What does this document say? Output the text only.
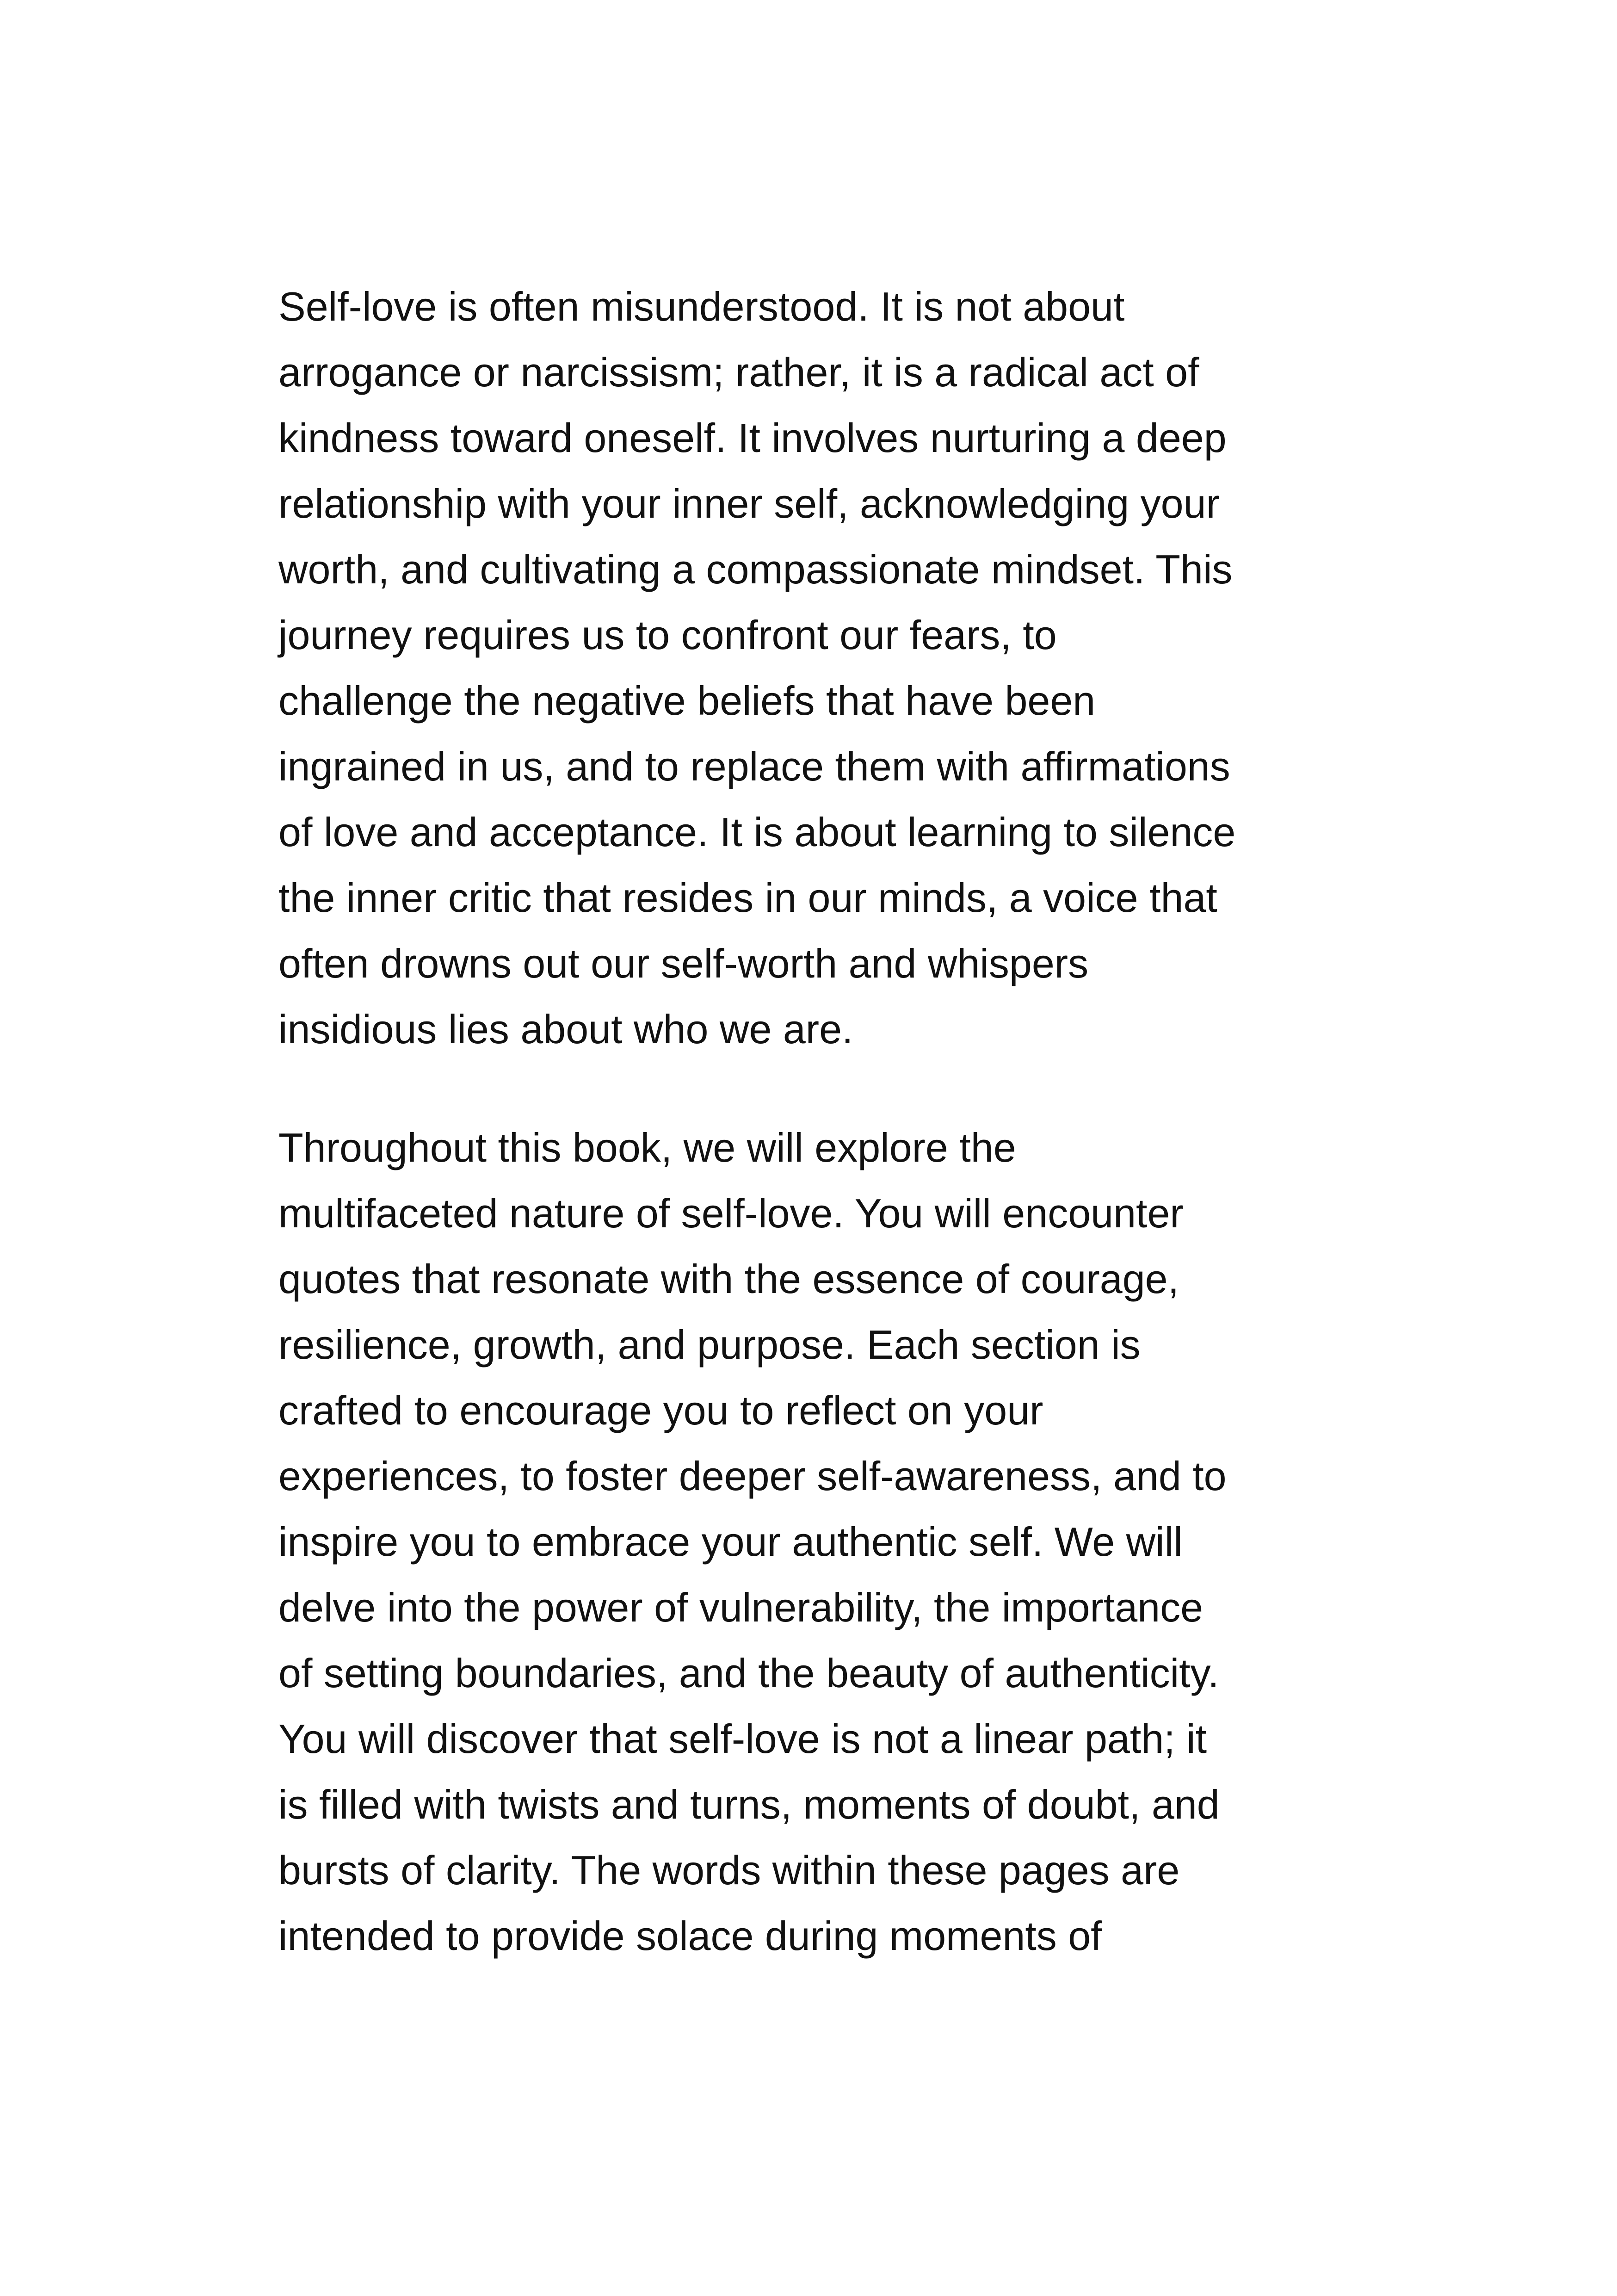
Self-love is often misunderstood. It is not about
arrogance or narcissism; rather, it is a radical act of
kindness toward oneself. It involves nurturing a deep
relationship with your inner self, acknowledging your
worth, and cultivating a compassionate mindset. This
journey requires us to confront our fears, to
challenge the negative beliefs that have been
ingrained in us, and to replace them with affirmations
of love and acceptance. It is about learning to silence
the inner critic that resides in our minds, a voice that
often drowns out our self-worth and whispers
insidious lies about who we are.
Throughout this book, we will explore the
multifaceted nature of self-love. You will encounter
quotes that resonate with the essence of courage,
resilience, growth, and purpose. Each section is
crafted to encourage you to reflect on your
experiences, to foster deeper self-awareness, and to
inspire you to embrace your authentic self. We will
delve into the power of vulnerability, the importance
of setting boundaries, and the beauty of authenticity.
You will discover that self-love is not a linear path; it
is filled with twists and turns, moments of doubt, and
bursts of clarity. The words within these pages are
intended to provide solace during moments of
